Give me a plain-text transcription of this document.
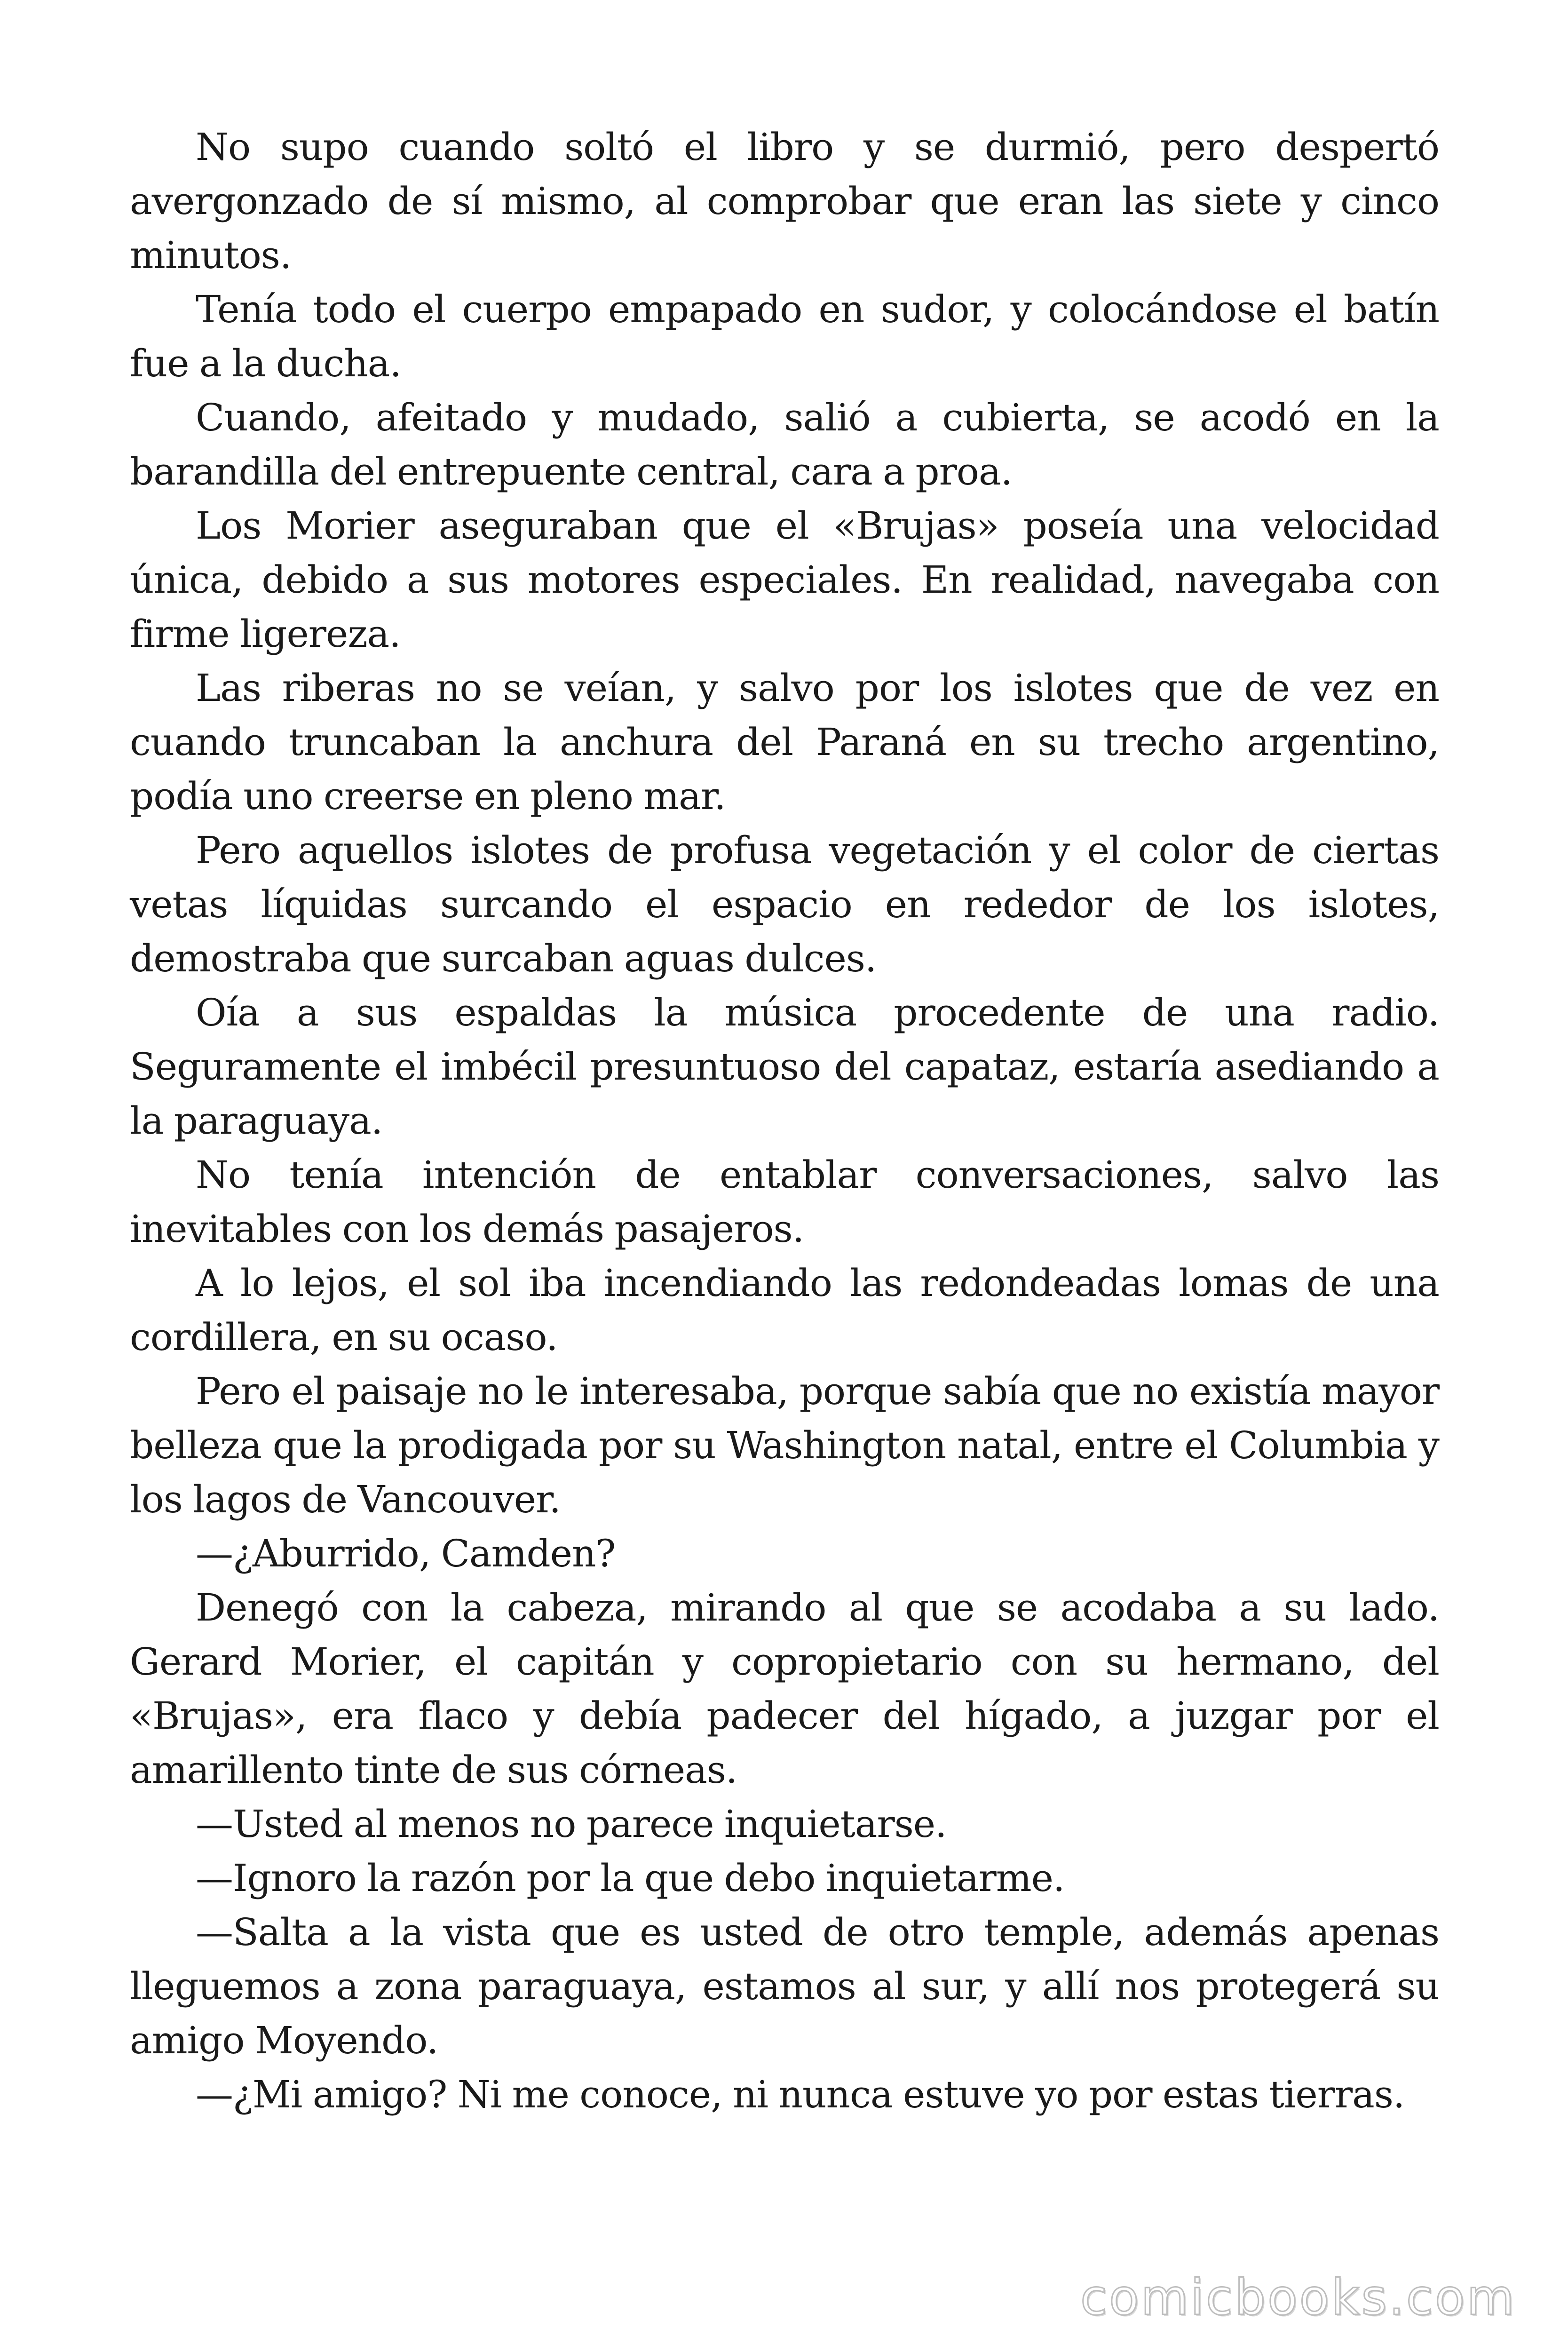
No supo cuando soltó el libro y se durmió, pero despertó avergonzado de sí mismo, al comprobar que eran las siete y cinco minutos.

Tenía todo el cuerpo empapado en sudor, y colocándose el batín fue a la ducha.

Cuando, afeitado y mudado, salió a cubierta, se acodó en la barandilla del entrepuente central, cara a proa.

Los Morier aseguraban que el «Brujas» poseía una velocidad única, debido a sus motores especiales. En realidad, navegaba con firme ligereza.

Las riberas no se veían, y salvo por los islotes que de vez en cuando truncaban la anchura del Paraná en su trecho argentino, podía uno creerse en pleno mar.

Pero aquellos islotes de profusa vegetación y el color de ciertas vetas líquidas surcando el espacio en rededor de los islotes, demostraba que surcaban aguas dulces.

Oía a sus espaldas la música procedente de una radio. Seguramente el imbécil presuntuoso del capataz, estaría asediando a la paraguaya.

No tenía intención de entablar conversaciones, salvo las inevitables con los demás pasajeros.

A lo lejos, el sol iba incendiando las redondeadas lomas de una cordillera, en su ocaso.

Pero el paisaje no le interesaba, porque sabía que no existía mayor belleza que la prodigada por su Washington natal, entre el Columbia y los lagos de Vancouver.

—¿Aburrido, Camden?

Denegó con la cabeza, mirando al que se acodaba a su lado. Gerard Morier, el capitán y copropietario con su hermano, del «Brujas», era flaco y debía padecer del hígado, a juzgar por el amarillento tinte de sus córneas.

—Usted al menos no parece inquietarse.

—Ignoro la razón por la que debo inquietarme.

—Salta a la vista que es usted de otro temple, además apenas lleguemos a zona paraguaya, estamos al sur, y allí nos protegerá su amigo Moyendo.

—¿Mi amigo? Ni me conoce, ni nunca estuve yo por estas tierras.

comicbooks.com
